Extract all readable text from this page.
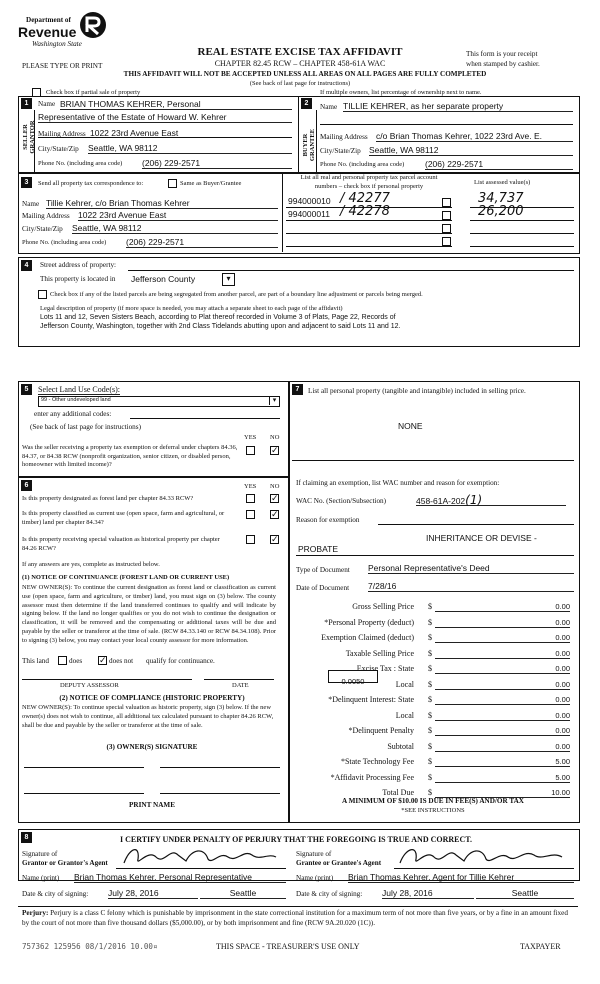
Department of
Revenue
Washington State
PLEASE TYPE OR PRINT
REAL ESTATE EXCISE TAX AFFIDAVIT
CHAPTER 82.45 RCW – CHAPTER 458-61A WAC
THIS AFFIDAVIT WILL NOT BE ACCEPTED UNLESS ALL AREAS ON ALL PAGES ARE FULLY COMPLETED
(See back of last page for instructions)
This form is your receipt
when stamped by cashier.
Check box if partial sale of property	If multiple owners, list percentage of ownership next to name.
1
SELLER GRANTOR
Name BRIAN THOMAS KEHRER, Personal
Representative of the Estate of Howard W. Kehrer
Mailing Address 1022 23rd Avenue East
City/State/Zip Seattle, WA 98112
Phone No. (including area code) (206) 229-2571
2
BUYER GRANTEE
Name TILLIE KEHRER, as her separate property
Mailing Address c/o Brian Thomas Kehrer, 1022 23rd Ave. E.
City/State/Zip Seattle, WA 98112
Phone No. (including area code) (206) 229-2571
3	Send all property tax correspondence to:	Same as Buyer/Grantee
Name Tillie Kehrer, c/o Brian Thomas Kehrer
Mailing Address 1022 23rd Avenue East
City/State/Zip Seattle, WA 98112
Phone No. (including area code) (206) 229-2571
List all real and personal property tax parcel account
numbers – check box if personal property
List assessed value(s)
994000010 / 42277	34,737
994000011 / 42278	26,200
4	Street address of property:
This property is located in Jefferson County	▾
Check box if any of the listed parcels are being segregated from another parcel, are part of a boundary line adjustment or parcels being merged.
Legal description of property (if more space is needed, you may attach a separate sheet to each page of the affidavit)
Lots 11 and 12, Seven Sisters Beach, according to Plat thereof recorded in Volume 3 of Plats, Page 22, Records of
Jefferson County, Washington, together with 2nd Class Tidelands abutting upon and adjacent to said Lots 11 and 12.
5	Select Land Use Code(s):
99 - Other undeveloped land	▾
enter any additional codes:
(See back of last page for instructions)
YES NO
Was the seller receiving a property tax exemption or deferral under chapters 84.36, 84.37, or 84.38 RCW (nonprofit organization, senior citizen, or disabled person, homeowner with limited income)?
✓
6	YES NO
Is this property designated as forest land per chapter 84.33 RCW?	✓
Is this property classified as current use (open space, farm and agricultural, or timber) land per chapter 84.34?
✓
Is this property receiving special valuation as historical property per chapter 84.26 RCW?
✓
If any answers are yes, complete as instructed below.
(1) NOTICE OF CONTINUANCE (FOREST LAND OR CURRENT USE)
NEW OWNER(S): To continue the current designation as forest land or classification as current use (open space, farm and agriculture, or timber) land, you must sign on (3) below. The county assessor must then determine if the land transferred continues to qualify and will indicate by signing below. If the land no longer qualifies or you do not wish to continue the designation or classification, it will be removed and the compensating or additional taxes will be due and payable by the seller or transferor at the time of sale. (RCW 84.33.140 or RCW 84.34.108). Prior to signing (3) below, you may contact your local county assessor for more information.
This land	does ✓ does not qualify for continuance.
DEPUTY ASSESSOR	DATE
(2) NOTICE OF COMPLIANCE (HISTORIC PROPERTY)
NEW OWNER(S): To continue special valuation as historic property, sign (3) below. If the new owner(s) does not wish to continue, all additional tax calculated pursuant to chapter 84.26 RCW, shall be due and payable by the seller or transferor at the time of sale.
(3) OWNER(S) SIGNATURE
PRINT NAME
7	List all personal property (tangible and intangible) included in selling price.
NONE
If claiming an exemption, list WAC number and reason for exemption:
WAC No. (Section/Subsection)	458-61A-202(1)
Reason for exemption
INHERITANCE OR DEVISE -
PROBATE
Type of Document Personal Representative's Deed
Date of Document 7/28/16
Gross Selling Price $	0.00
*Personal Property (deduct) $	0.00
Exemption Claimed (deduct) $	0.00
Taxable Selling Price $	0.00
Excise Tax : State $	0.00
Local $	0.00
*Delinquent Interest: State $	0.00
Local $	0.00
*Delinquent Penalty $	0.00
Subtotal $	0.00
*State Technology Fee $	5.00
*Affidavit Processing Fee $	5.00
Total Due $	10.00
0.0050
A MINIMUM OF $10.00 IS DUE IN FEE(S) AND/OR TAX
*SEE INSTRUCTIONS
8	I CERTIFY UNDER PENALTY OF PERJURY THAT THE FOREGOING IS TRUE AND CORRECT.
Signature of
Grantor or Grantor's Agent
Name (print) Brian Thomas Kehrer, Personal Representative
Date & city of signing: July 28, 2016	Seattle
Signature of
Grantee or Grantee's Agent
Name (print) Brian Thomas Kehrer, Agent for Tillie Kehrer
Date & city of signing: July 28, 2016	Seattle
Perjury: Perjury is a class C felony which is punishable by imprisonment in the state correctional institution for a maximum term of not more than five years, or by a fine in an amount fixed by the court of not more than five thousand dollars ($5,000.00), or by both imprisonment and fine (RCW 9A.20.020 (1C)).
757362 125956 08/1/2016 10.00¤	THIS SPACE - TREASURER'S USE ONLY	TAXPAYER
